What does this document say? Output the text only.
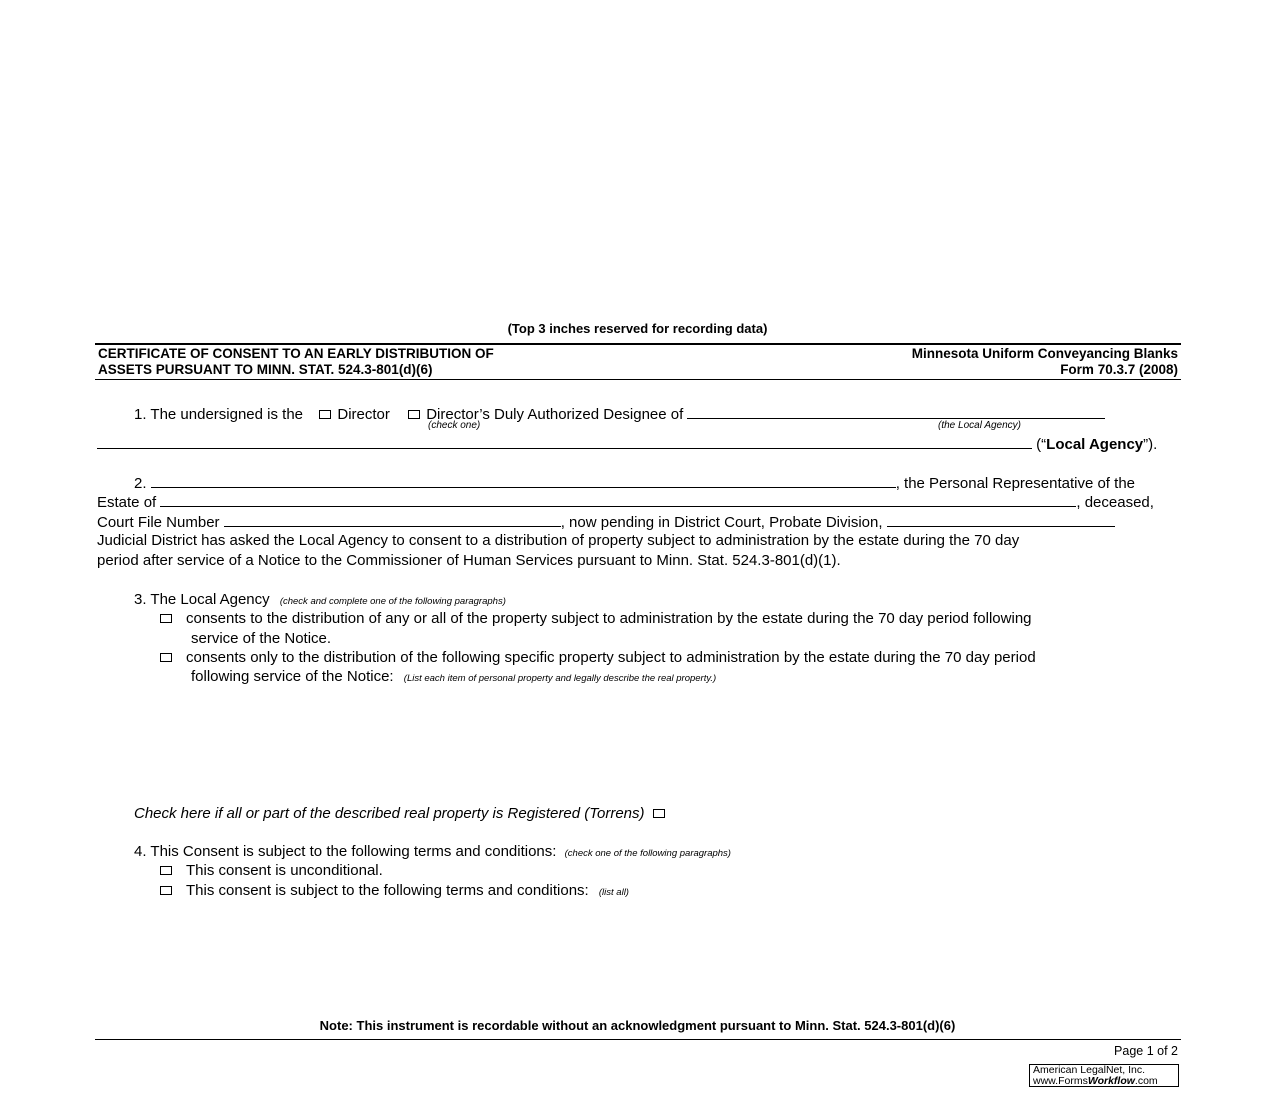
(Top 3 inches reserved for recording data)
CERTIFICATE OF CONSENT TO AN EARLY DISTRIBUTION OF
ASSETS PURSUANT TO MINN. STAT. 524.3-801(d)(6)
Minnesota Uniform Conveyancing Blanks
Form 70.3.7 (2008)
1. The undersigned is the Director Director’s Duly Authorized Designee of
(check one)	(the Local Agency)
(“Local Agency”).
2.	, the Personal Representative of the
Estate of	, deceased,
Court File Number	, now pending in District Court, Probate Division,
Judicial District has asked the Local Agency to consent to a distribution of property subject to administration by the estate during the 70 day
period after service of a Notice to the Commissioner of Human Services pursuant to Minn. Stat. 524.3-801(d)(1).
3. The Local Agency (check and complete one of the following paragraphs)
consents to the distribution of any or all of the property subject to administration by the estate during the 70 day period following
service of the Notice.
consents only to the distribution of the following specific property subject to administration by the estate during the 70 day period
following service of the Notice: (List each item of personal property and legally describe the real property.)
Check here if all or part of the described real property is Registered (Torrens)
4. This Consent is subject to the following terms and conditions: (check one of the following paragraphs)
This consent is unconditional.
This consent is subject to the following terms and conditions: (list all)
Note: This instrument is recordable without an acknowledgment pursuant to Minn. Stat. 524.3-801(d)(6)
Page 1 of 2
American LegalNet, Inc.
www.FormsWorkflow.com
